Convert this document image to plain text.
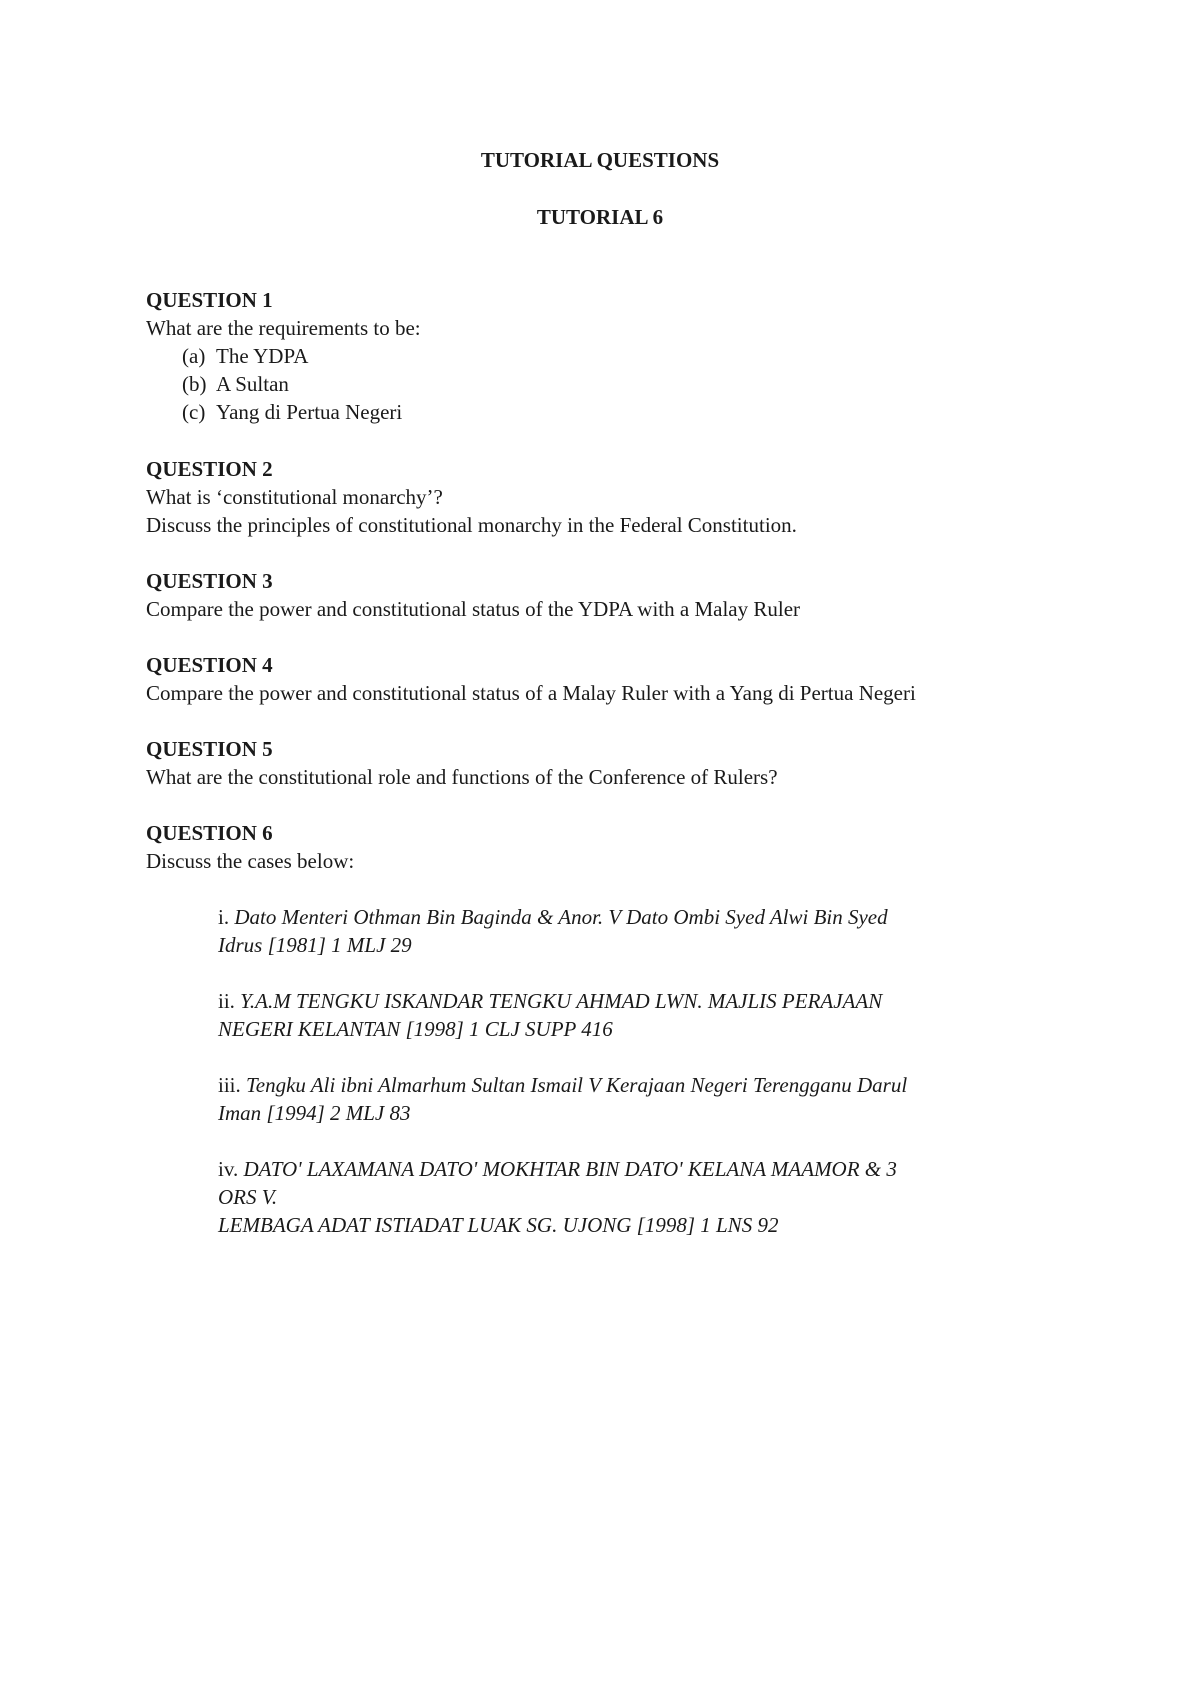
TUTORIAL QUESTIONS

TUTORIAL 6

QUESTION 1

What are the requirements to be:

(a) The YDPA
(b) A Sultan
(c) Yang di Pertua Negeri

QUESTION 2

What is ‘constitutional monarchy’?

Discuss the principles of constitutional monarchy in the Federal Constitution.

QUESTION 3

Compare the power and constitutional status of the YDPA with a Malay Ruler

QUESTION 4

Compare the power and constitutional status of a Malay Ruler with a Yang di Pertua Negeri

QUESTION 5

What are the constitutional role and functions of the Conference of Rulers?

QUESTION 6

Discuss the cases below:

i. Dato Menteri Othman Bin Baginda & Anor. V Dato Ombi Syed Alwi Bin Syed
Idrus [1981] 1 MLJ 29
ii. Y.A.M TENGKU ISKANDAR TENGKU AHMAD LWN. MAJLIS PERAJAAN
NEGERI KELANTAN [1998] 1 CLJ SUPP 416
iii. Tengku Ali ibni Almarhum Sultan Ismail V Kerajaan Negeri Terengganu Darul
Iman [1994] 2 MLJ 83
iv. DATO' LAXAMANA DATO' MOKHTAR BIN DATO' KELANA MAAMOR & 3
ORS V.
LEMBAGA ADAT ISTIADAT LUAK SG. UJONG [1998] 1 LNS 92
